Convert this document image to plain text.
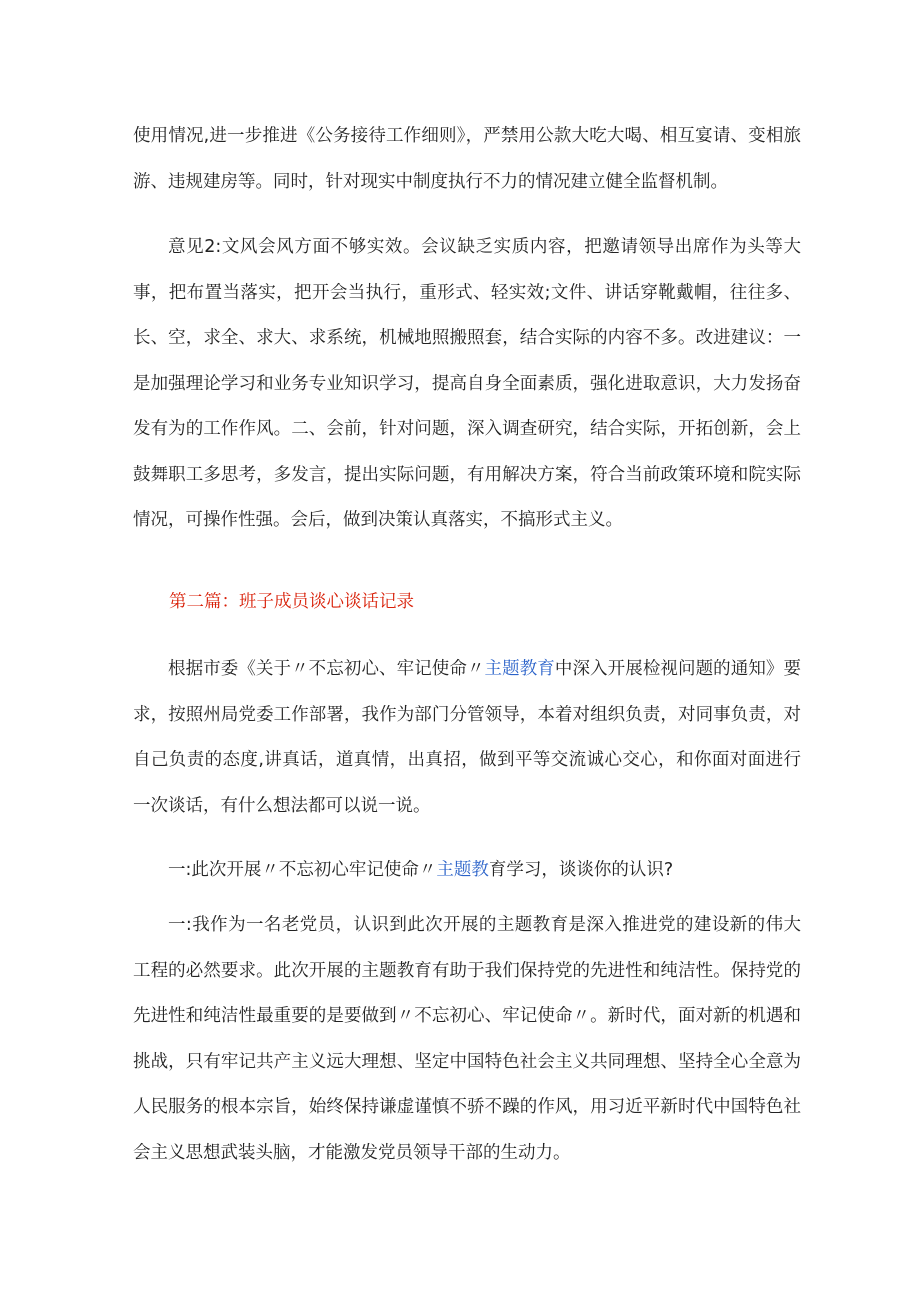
使用情况,进一步推进《公务接待工作细则》，严禁用公款大吃大喝、相互宴请、变相旅游、违规建房等。同时，针对现实中制度执行不力的情况建立健全监督机制。

意见2:文风会风方面不够实效。会议缺乏实质内容，把邀请领导出席作为头等大事，把布置当落实，把开会当执行，重形式、轻实效;文件、讲话穿靴戴帽，往往多、长、空，求全、求大、求系统，机械地照搬照套，结合实际的内容不多。改进建议：一是加强理论学习和业务专业知识学习，提高自身全面素质，强化进取意识，大力发扬奋发有为的工作作风。二、会前，针对问题，深入调查研究，结合实际，开拓创新，会上鼓舞职工多思考，多发言，提出实际问题，有用解决方案，符合当前政策环境和院实际情况，可操作性强。会后，做到决策认真落实，不搞形式主义。

第二篇：班子成员谈心谈话记录

根据市委《关于〃不忘初心、牢记使命〃主题教育中深入开展检视问题的通知》要求，按照州局党委工作部署，我作为部门分管领导，本着对组织负责，对同事负责，对自己负责的态度,讲真话，道真情，出真招，做到平等交流诚心交心，和你面对面进行一次谈话，有什么想法都可以说一说。

一:此次开展〃不忘初心牢记使命〃主题教育学习，谈谈你的认识?

一:我作为一名老党员，认识到此次开展的主题教育是深入推进党的建设新的伟大工程的必然要求。此次开展的主题教育有助于我们保持党的先进性和纯洁性。保持党的先进性和纯洁性最重要的是要做到〃不忘初心、牢记使命〃。新时代，面对新的机遇和挑战，只有牢记共产主义远大理想、坚定中国特色社会主义共同理想、坚持全心全意为人民服务的根本宗旨，始终保持谦虚谨慎不骄不躁的作风，用习近平新时代中国特色社会主义思想武装头脑，才能激发党员领导干部的生动力。
